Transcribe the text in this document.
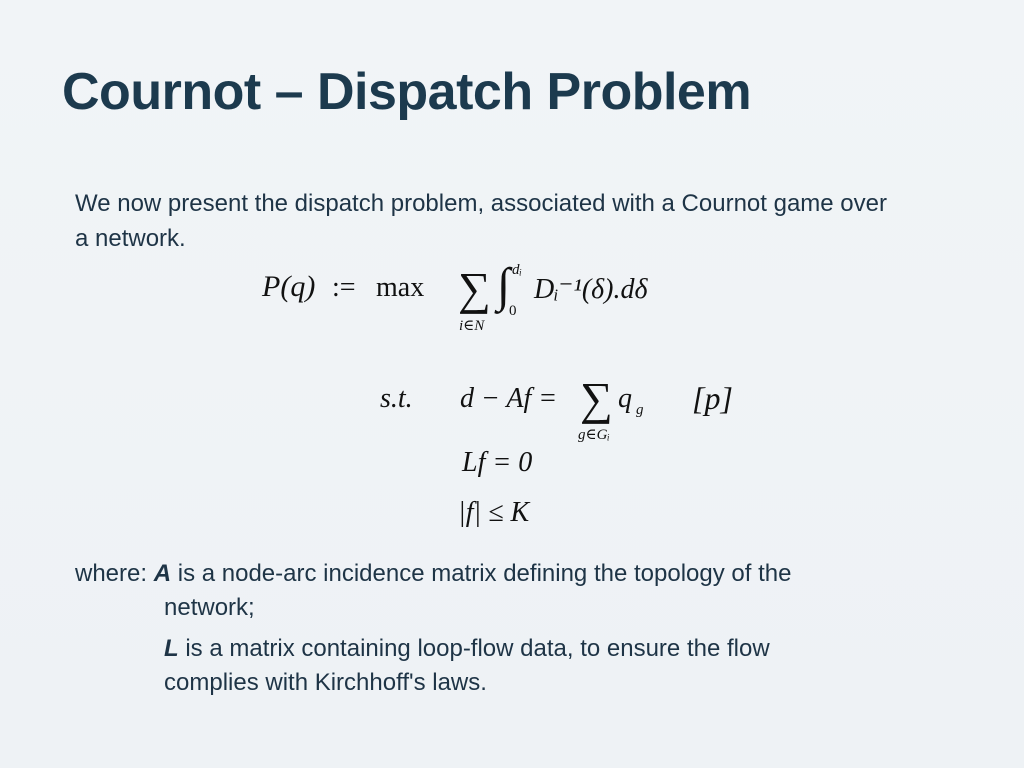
Cournot – Dispatch Problem
We now present the dispatch problem, associated with a Cournot game over a network.
P(q) := max ∑
i∈N
∫ dᵢ
0
Dᵢ⁻¹(δ).dδ
s.t. d − Af = ∑
g∈Gᵢ
q g [p]
Lf = 0
|f| ≤ K
where: A is a node-arc incidence matrix defining the topology of the
network;
L is a matrix containing loop-flow data, to ensure the flow
complies with Kirchhoff's laws.
